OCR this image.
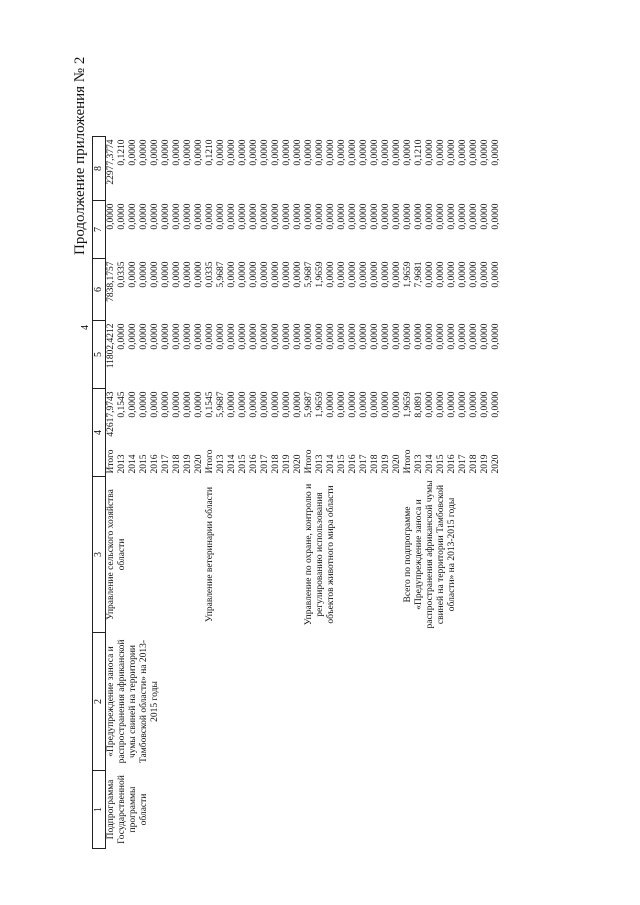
Продолжение приложения № 2
4
1	2	3	4		5	6	7	8
Подпрограмма Государственной программы области	«Предупреждение заноса и распространения африканской чумы свиней на территории Тамбовской области» на 2013-2015 годы	Управление сельского хозяйства области	Итого	42617,9743	11802,4212	7838,1757	0,0000	22977,3774
			2013	0,1545	0,0000	0,0335	0,0000	0,1210
			2014	0,0000	0,0000	0,0000	0,0000	0,0000
			2015	0,0000	0,0000	0,0000	0,0000	0,0000
			2016	0,0000	0,0000	0,0000	0,0000	0,0000
			2017	0,0000	0,0000	0,0000	0,0000	0,0000
			2018	0,0000	0,0000	0,0000	0,0000	0,0000
			2019	0,0000	0,0000	0,0000	0,0000	0,0000
			2020	0,0000	0,0000	0,0000	0,0000	0,0000
		Управление ветеринарии области	Итого	0,1545	0,0000	0,0335	0,0000	0,1210
			2013	5,9687	0,0000	5,9687	0,0000	0,0000
			2014	0,0000	0,0000	0,0000	0,0000	0,0000
			2015	0,0000	0,0000	0,0000	0,0000	0,0000
			2016	0,0000	0,0000	0,0000	0,0000	0,0000
			2017	0,0000	0,0000	0,0000	0,0000	0,0000
			2018	0,0000	0,0000	0,0000	0,0000	0,0000
			2019	0,0000	0,0000	0,0000	0,0000	0,0000
			2020	0,0000	0,0000	0,0000	0,0000	0,0000
		Управление по охране, контролю и регулированию использования объектов животного мира области	Итого	5,9687	0,0000	5,9687	0,0000	0,0000
			2013	1,9659	0,0000	1,9659	0,0000	0,0000
			2014	0,0000	0,0000	0,0000	0,0000	0,0000
			2015	0,0000	0,0000	0,0000	0,0000	0,0000
			2016	0,0000	0,0000	0,0000	0,0000	0,0000
			2017	0,0000	0,0000	0,0000	0,0000	0,0000
			2018	0,0000	0,0000	0,0000	0,0000	0,0000
			2019	0,0000	0,0000	0,0000	0,0000	0,0000
			2020	0,0000	0,0000	0,0000	0,0000	0,0000
		Всего по подпрограмме «Предупреждение заноса и распространения африканской чумы свиней на территории Тамбовской области» на 2013-2015 годы	Итого	1,9659	0,0000	1,9659	0,0000	0,0000
			2013	8,0891	0,0000	7,9681	0,0000	0,1210
			2014	0,0000	0,0000	0,0000	0,0000	0,0000
			2015	0,0000	0,0000	0,0000	0,0000	0,0000
			2016	0,0000	0,0000	0,0000	0,0000	0,0000
			2017	0,0000	0,0000	0,0000	0,0000	0,0000
			2018	0,0000	0,0000	0,0000	0,0000	0,0000
			2019	0,0000	0,0000	0,0000	0,0000	0,0000
			2020	0,0000	0,0000	0,0000	0,0000	0,0000
